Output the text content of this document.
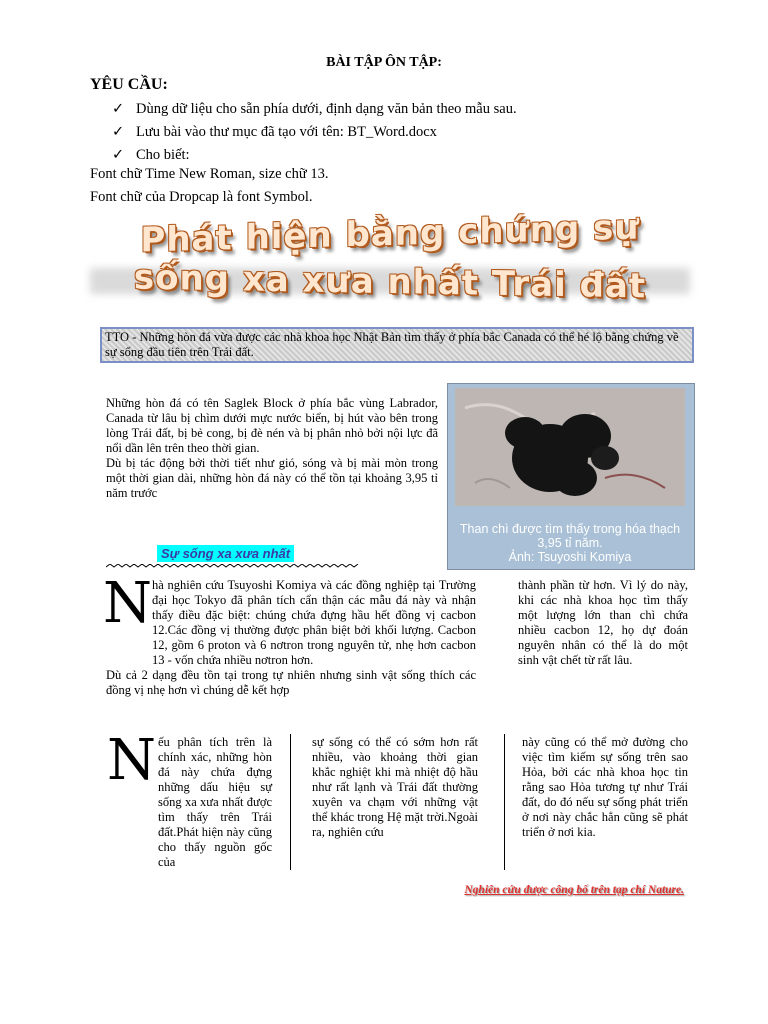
BÀI TẬP ÔN TẬP:
YÊU CẦU:
✓ Dùng dữ liệu cho sẵn phía dưới, định dạng văn bản theo mẫu sau.
✓ Lưu bài vào thư mục đã tạo với tên: BT_Word.docx
✓ Cho biết:
Font chữ Time New Roman, size chữ 13.
Font chữ của Dropcap là font Symbol.
Phát hiện bằng chứng sự
sống xa xưa nhất Trái đất
TTO - Những hòn đá vừa được các nhà khoa học Nhật Bản tìm thấy ở phía bắc Canada có thể hé lộ bằng chứng về sự sống đầu tiên trên Trái đất.
Những hòn đá có tên Saglek Block ở phía bắc vùng Labrador, Canada từ lâu bị chìm dưới mực nước biển, bị hút vào bên trong lòng Trái đất, bị bẻ cong, bị đè nén và bị phân nhỏ bởi nội lực đã nổi dần lên trên theo thời gian.
Dù bị tác động bởi thời tiết như gió, sóng và bị mài mòn trong một thời gian dài, những hòn đá này có thể tồn tại khoảng 3,95 tỉ năm trước
Than chì được tìm thấy trong hóa thạch 3,95 tỉ năm.
Ảnh: Tsuyoshi Komiya
Sự sống xa xưa nhất
N hà nghiên cứu Tsuyoshi Komiya và các đồng nghiệp tại Trường đại học Tokyo đã phân tích cẩn thận các mẫu đá này và nhận thấy điều đặc biệt: chúng chứa đựng hầu hết đồng vị cacbon 12.Các đồng vị thường được phân biệt bởi khối lượng. Cacbon 12, gồm 6 proton và 6 nơtron trong nguyên tử, nhẹ hơn cacbon 13 - vốn chứa nhiều nơtron hơn.
Dù cả 2 dạng đều tồn tại trong tự nhiên nhưng sinh vật sống thích các đồng vị nhẹ hơn vì chúng dễ kết hợp
thành phần từ hơn. Vì lý do này, khi các nhà khoa học tìm thấy một lượng lớn than chì chứa nhiều cacbon 12, họ dự đoán nguyên nhân có thể là do một sinh vật chết từ rất lâu.
N ếu phân tích trên là chính xác, những hòn đá này chứa đựng những dấu hiệu sự sống xa xưa nhất được tìm thấy trên Trái đất.Phát hiện này cũng cho thấy nguồn gốc của
sự sống có thể có sớm hơn rất nhiều, vào khoảng thời gian khắc nghiệt khi mà nhiệt độ hầu như rất lạnh và Trái đất thường xuyên va chạm với những vật thể khác trong Hệ mặt trời.Ngoài ra, nghiên cứu
này cũng có thể mở đường cho việc tìm kiếm sự sống trên sao Hỏa, bởi các nhà khoa học tin rằng sao Hỏa tương tự như Trái đất, do đó nếu sự sống phát triển ở nơi này chắc hẳn cũng sẽ phát triển ở nơi kia.
Nghiên cứu được công bố trên tạp chí Nature.
